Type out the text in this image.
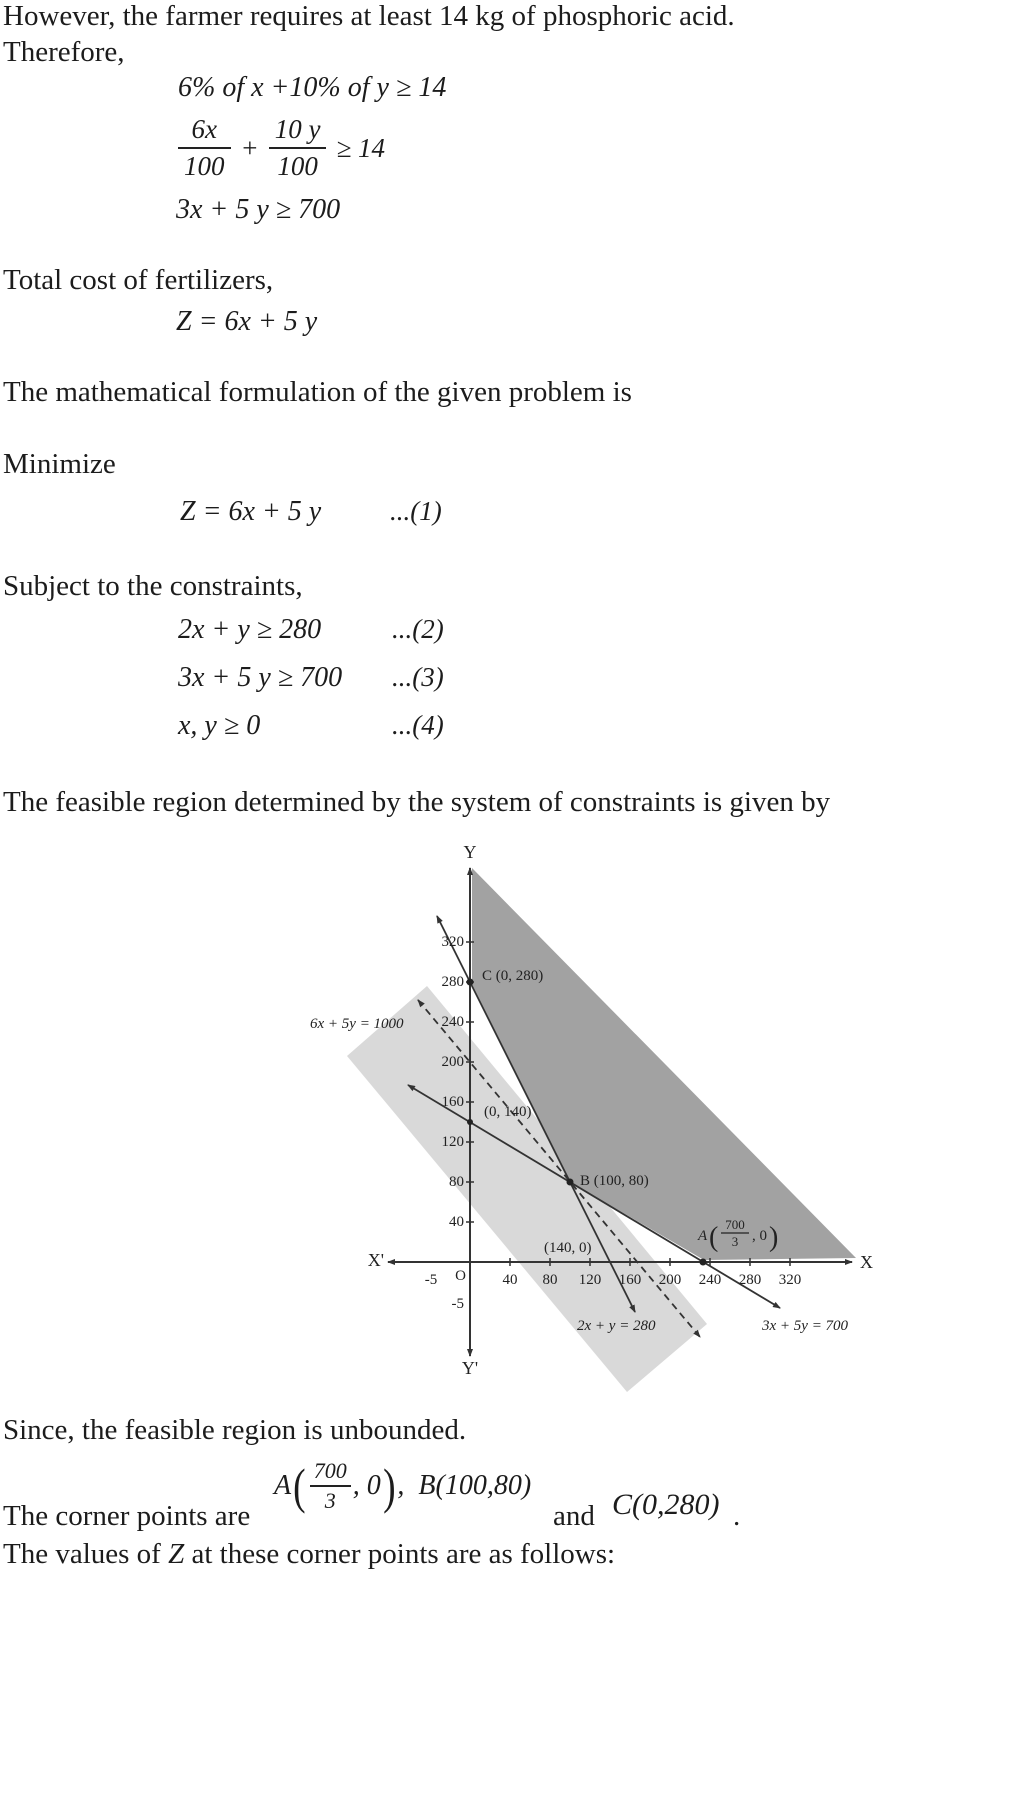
However, the farmer requires at least 14 kg of phosphoric acid.
Therefore,
6% of x +10% of y ≥ 14
$\frac{6x}{100} + \frac{10 y}{100} \ge 14$
3x + 5 y ≥ 700
Total cost of fertilizers,
Z = 6x + 5 y
The mathematical formulation of the given problem is
Minimize
Z = 6x + 5 y	...(1)
Subject to the constraints,
2x + y ≥ 280	...(2)
3x + 5 y ≥ 700 ...(3)
x, y ≥ 0	...(4)
The feasible region determined by the system of constraints is given by
Y
Y'
X
X'
O 40 80 120 160 200 240 280 320
-5
320
280
240
200
160
120
80
40
-5
6x + 5y = 1000
2x + y = 280	3x + 5y = 700
C (0, 280)
(0, 140)
B (100, 80)
(140, 0)
A ( 700
3 , 0 )
Since, the feasible region is unbounded.
The corner points are
A ( $\frac{700}{3}$ , 0 ) , B(100,80)
and C(0,280) .
The values of Z at these corner points are as follows:
